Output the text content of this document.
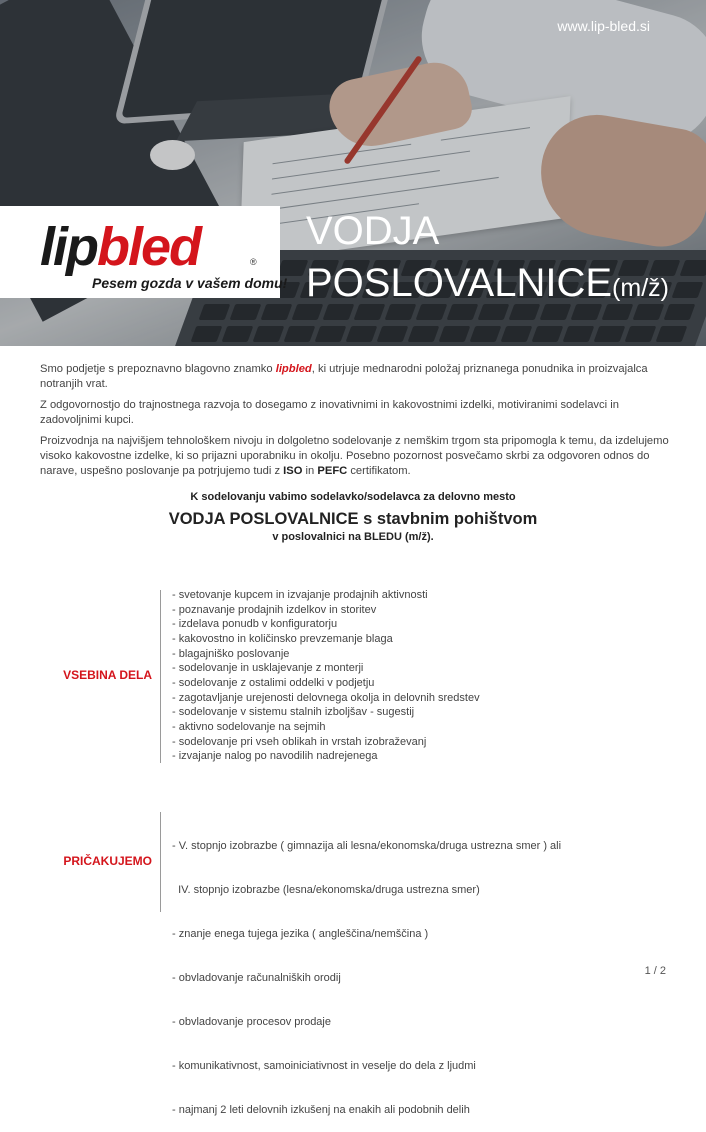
www.lip-bled.si
lipbled	®
Pesem gozda v vašem domu!
VODJA
POSLOVALNICE(m/ž)

Smo podjetje s prepoznavno blagovno znamko lipbled, ki utrjuje mednarodni položaj priznanega ponudnika in proizvajalca notranjih vrat.

Z odgovornostjo do trajnostnega razvoja to dosegamo z inovativnimi in kakovostnimi izdelki, motiviranimi sodelavci in zadovoljnimi kupci.

Proizvodnja na najvišjem tehnološkem nivoju in dolgoletno sodelovanje z nemškim trgom sta pripomogla k temu, da izdelujemo visoko kakovostne izdelke, ki so prijazni uporabniku in okolju. Posebno pozornost posvečamo skrbi za odgovoren odnos do narave, uspešno poslovanje pa potrjujemo tudi z ISO in PEFC certifikatom.

K sodelovanju vabimo sodelavko/sodelavca za delovno mesto
VODJA POSLOVALNICE s stavbnim pohištvom
v poslovalnici na BLEDU (m/ž).
VSEBINA DELA
- svetovanje kupcem in izvajanje prodajnih aktivnosti
- poznavanje prodajnih izdelkov in storitev
- izdelava ponudb v konfiguratorju
- kakovostno in količinsko prevzemanje blaga
- blagajniško poslovanje
- sodelovanje in usklajevanje z monterji
- sodelovanje z ostalimi oddelki v podjetju
- zagotavljanje urejenosti delovnega okolja in delovnih sredstev
- sodelovanje v sistemu stalnih izboljšav - sugestij
- aktivno sodelovanje na sejmih
- sodelovanje pri vseh oblikah in vrstah izobraževanj
- izvajanje nalog po navodilih nadrejenega
PRIČAKUJEMO

- V. stopnjo izobrazbe ( gimnazija ali lesna/ekonomska/druga ustrezna smer ) ali

IV. stopnjo izobrazbe (lesna/ekonomska/druga ustrezna smer)

- znanje enega tujega jezika ( angleščina/nemščina )

- obvladovanje računalniških orodij

- obvladovanje procesov prodaje

- komunikativnost, samoiniciativnost in veselje do dela z ljudmi

- najmanj 2 leti delovnih izkušenj na enakih ali podobnih delih

1 / 2
